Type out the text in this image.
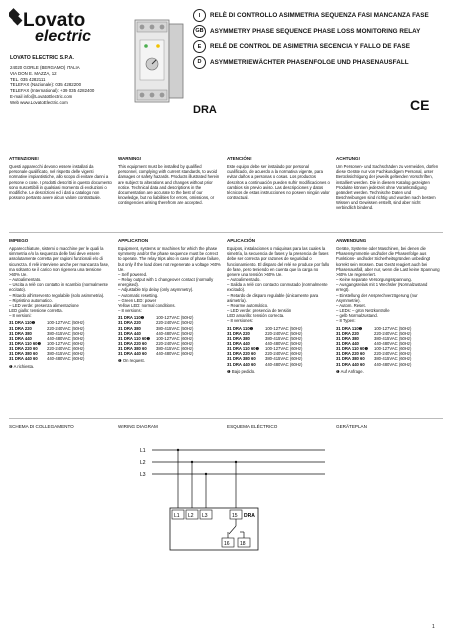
Lovato
electric
LOVATO ELECTRIC S.P.A.
24020 GORLE (BERGAMO) ITALIA
VIA DON E. MAZZA, 12
TEL. 035 4282111
TELEFAX (Nazionale): 035 4282200
TELEFAX (International): +39 035 4282400
E-mail info@LovatoElectric.com
Web www.LovatoElectric.com
I	RELÈ DI CONTROLLO ASIMMETRIA SEQUENZA FASI MANCANZA FASE
GB	ASYMMETRY PHASE SEQUENCE PHASE LOSS MONITORING RELAY
E	RELÉ DE CONTROL DE ASIMETRIA SECENCIA Y FALLO DE FASE
D	ASYMMETRIEWÄCHTER PHASENFOLGE UND PHASENAUSFALL
DRA	CE
ATTENZIONE!

Questi apparecchi devono essere installati da personale qualificato, nel rispetto delle vigenti normative impiantistiche, allo scopo di evitare danni a persone o cose. I prodotti descritti in questo documento sono suscettibili in qualsiasi momento di evoluzioni o modifiche. Le descrizioni ed i dati a catalogo non possono pertanto avere alcun valore contrattuale.

WARNING!

This equipment must be installed by qualified personnel, complying with current standards, to avoid damages or safety hazards. Products illustrated herein are subject to alterations and changes without prior notice. Technical data and descriptions in the documentation are accurate to the best of our knowledge, but no liabilities for errors, omissions, or contingencies arising therefrom are accepted.

ATENCIÓN!

Este equipo debe ser instalado por personal cualificado, de acuerdo a la normativa vigente, para evitar daños a personas o cosas. Los productos descritos a continuación pueden sufrir modificaciones o cambios sin previo aviso. Las descripciones y datos técnicos de estas instrucciones no poseen ningún valor contractual.

ACHTUNG!

Um Personen- und Sachschäden zu vermeiden, dürfen diese Geräte nur von Fachkundigem Personal, unter Berücksichtigung der jeweils geltenden Vorschriften, installiert werden. Die in diesem Katalog gezeigten Produkte können jederzeit ohne Vorankündigung geändert werden. Technische Daten und Beschreibungen sind richtig und wurden nach bestem Wissen und Gewissen erstellt, sind aber nicht verbindlich bindend.

IMPIEGO

Apparecchiature, sistemi o macchine per le quali la simmetria e/o la sequenza delle fasi deve essere assolutamente corretta per ragioni funzionali e/o di sicurezza. Il relè interviene anche per mancanza fase, ma soltanto se il carico non rigenera una tensione >60% Ue.
– Autoalimentato.
– Uscita a relè con contatto in scambio (normalmente eccitato).
– Ritardo all'intervento regolabile (solo asimmetria).
– Ripristino automatico.
– LED verde: presenza alimentazione
LED giallo: tensione corretta.
– 8 versioni:

31 DRA 110❶	100-127VAC (50Hz)
31 DRA 220	220-240VAC (50Hz)
31 DRA 380	380-415VAC (50Hz)
31 DRA 440	440-480VAC (50Hz)
31 DRA 110 60❶	100-127VAC (60Hz)
31 DRA 220 60	220-240VAC (60Hz)
31 DRA 380 60	380-415VAC (60Hz)
31 DRA 440 60	440-480VAC (60Hz)
❶ A richiesta.
APPLICATION

Equipment, systems or machines for which the phase symmetry and/or the phase sequence must be correct to operate. The relay trips also in case of phase failure, but only if the load does not regenerate a voltage >60% Ue.
– Self powered.
– Relay output with 1 changeover contact (normally energised).
– Adjustable trip delay (only asymmetry).
– Automatic resetting.
– Green LED: power
Yellow LED: normal conditions.
– 8 versions:

31 DRA 110❶	100-127VAC (50Hz)
31 DRA 220	220-240VAC (50Hz)
31 DRA 380	380-415VAC (50Hz)
31 DRA 440	440-480VAC (50Hz)
31 DRA 110 60❶	100-127VAC (60Hz)
31 DRA 220 60	220-240VAC (60Hz)
31 DRA 380 60	380-415VAC (60Hz)
31 DRA 440 60	440-480VAC (60Hz)
❶ On request.
APLICACIÓN

Equipos, instalaciones o máquinas para las cuales la simetría, la secuencia de fases y la presencia de fases debe ser correcta por razones de seguridad o funcionamiento. El disparo del relé se produce por fallo de fase, pero teniendo en cuenta que la carga no genere una tensión >60% Ue.
– Autoalimentado.
– Salida a relé con contacto conmutado (normalmente excitado).
– Retardo de disparo regulable (únicamente para asimetría).
– Rearme automático.
– LED verde: presencia de tensión
LED amarillo: tensión correcta.
– 8 versiones:

31 DRA 110❶	100-127VAC (50Hz)
31 DRA 220	220-240VAC (50Hz)
31 DRA 380	380-415VAC (50Hz)
31 DRA 440	440-480VAC (50Hz)
31 DRA 110 60❶	100-127VAC (60Hz)
31 DRA 220 60	220-240VAC (60Hz)
31 DRA 380 60	380-415VAC (60Hz)
31 DRA 440 60	440-480VAC (60Hz)
❶ Bajo pedido.
ANWENDUNG

Geräte, Systeme oder Maschinen, bei denen die Phasensymmetrie und/oder die Phasenfolge aus Funktions- und/oder Sicherheitsgründen unbedingt korrekt sein müssen. Das Gerät reagiert auch bei Phasenausfall, aber nur, wenn die Last keine Spannung >60% Ue regeneriert.
– Keine separate Versorgungsspannung.
– Ausgangsrelais mit 1 Wechsler (Normalzustand erregt).
– Einstellung der Ansprechverzögerung (nur Asymmetrie).
– Autom. Reset.
– LEDs: – grün Netzkontrolle
– gelb Normalzustand.
– 8 Typen:

31 DRA 110❶	100-127VAC (50Hz)
31 DRA 220	220-240VAC (50Hz)
31 DRA 380	380-415VAC (50Hz)
31 DRA 440	440-480VAC (50Hz)
31 DRA 110 60❶	100-127VAC (60Hz)
31 DRA 220 60	220-240VAC (60Hz)
31 DRA 380 60	380-415VAC (60Hz)
31 DRA 440 60	440-480VAC (60Hz)
❶ Auf Anfrage.
SCHEMA DI COLLEGAMENTO	WIRING DIAGRAM	ESQUEMA ELÉCTRICO	GERÄTEPLAN
L1
L2
L3
L1 L2 L3	15 DRA
16 18
1
